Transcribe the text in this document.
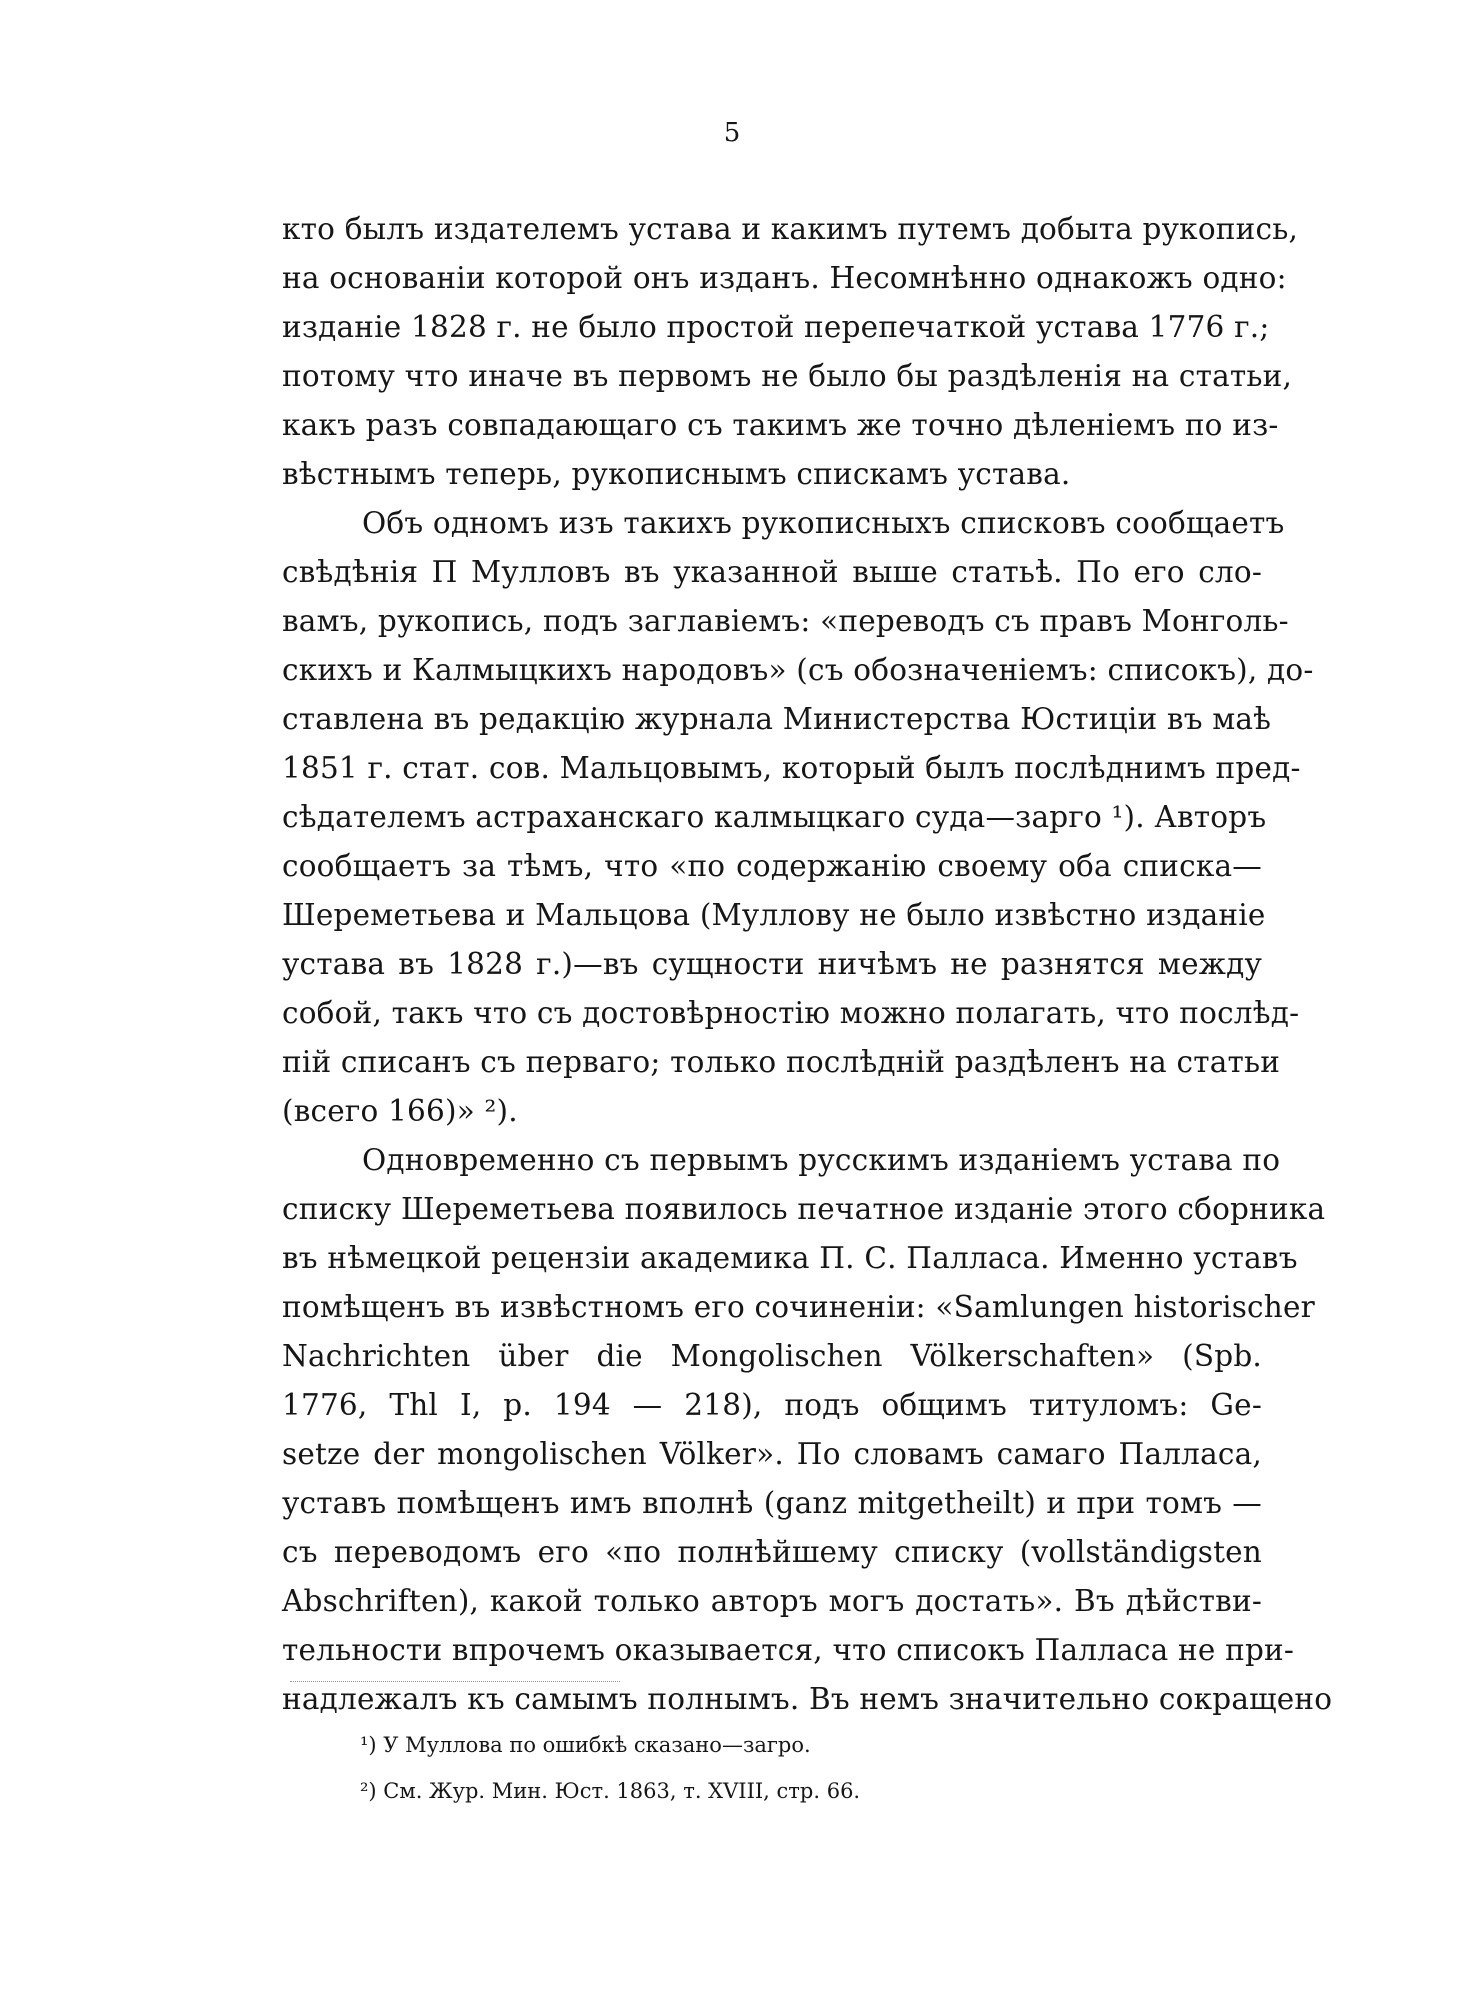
5

кто былъ издателемъ устава и какимъ путемъ добыта рукопись,
на основаніи которой онъ изданъ. Несомнѣнно однакожъ одно:
изданіе 1828 г. не было простой перепечаткой устава 1776 г.;
потому что иначе въ первомъ не было бы раздѣленія на статьи,
какъ разъ совпадающаго съ такимъ же точно дѣленіемъ по из-
вѣстнымъ теперь, рукописнымъ спискамъ устава.

Объ одномъ изъ такихъ рукописныхъ списковъ сообщаетъ
свѣдѣнія П Мулловъ въ указанной выше статьѣ. По его сло-
вамъ, рукопись, подъ заглавіемъ: «переводъ съ правъ Монголь-
скихъ и Калмыцкихъ народовъ» (съ обозначеніемъ: списокъ), до-
ставлена въ редакцію журнала Министерства Юстиціи въ маѣ
1851 г. стат. сов. Мальцовымъ, который былъ послѣднимъ пред-
сѣдателемъ астраханскаго калмыцкаго суда—зарго ¹). Авторъ
сообщаетъ за тѣмъ, что «по содержанію своему оба списка—
Шереметьева и Мальцова (Муллову не было извѣстно изданіе
устава въ 1828 г.)—въ сущности ничѣмъ не разнятся между
собой, такъ что съ достовѣрностію можно полагать, что послѣд-
пій списанъ съ перваго; только послѣдній раздѣленъ на статьи
(всего 166)» ²).

Одновременно съ первымъ русскимъ изданіемъ устава по
списку Шереметьева появилось печатное изданіе этого сборника
въ нѣмецкой рецензіи академика П. С. Палласа. Именно уставъ
помѣщенъ въ извѣстномъ его сочиненіи: «Samlungen historischer
Nachrichten über die Mongolischen Völkerschaften» (Spb.
1776, Thl I, p. 194 — 218), подъ общимъ титуломъ: Ge-
setze der mongolischen Völker». По словамъ самаго Палласа,
уставъ помѣщенъ имъ вполнѣ (ganz mitgetheilt) и при томъ —
съ переводомъ его «по полнѣйшему списку (vollständigsten
Abschriften), какой только авторъ могъ достать». Въ дѣйстви-
тельности впрочемъ оказывается, что списокъ Палласа не при-
надлежалъ къ самымъ полнымъ. Въ немъ значительно сокращено

¹) У Муллова по ошибкѣ сказано—загро.
²) См. Жур. Мин. Юст. 1863, т. XVIII, стр. 66.
